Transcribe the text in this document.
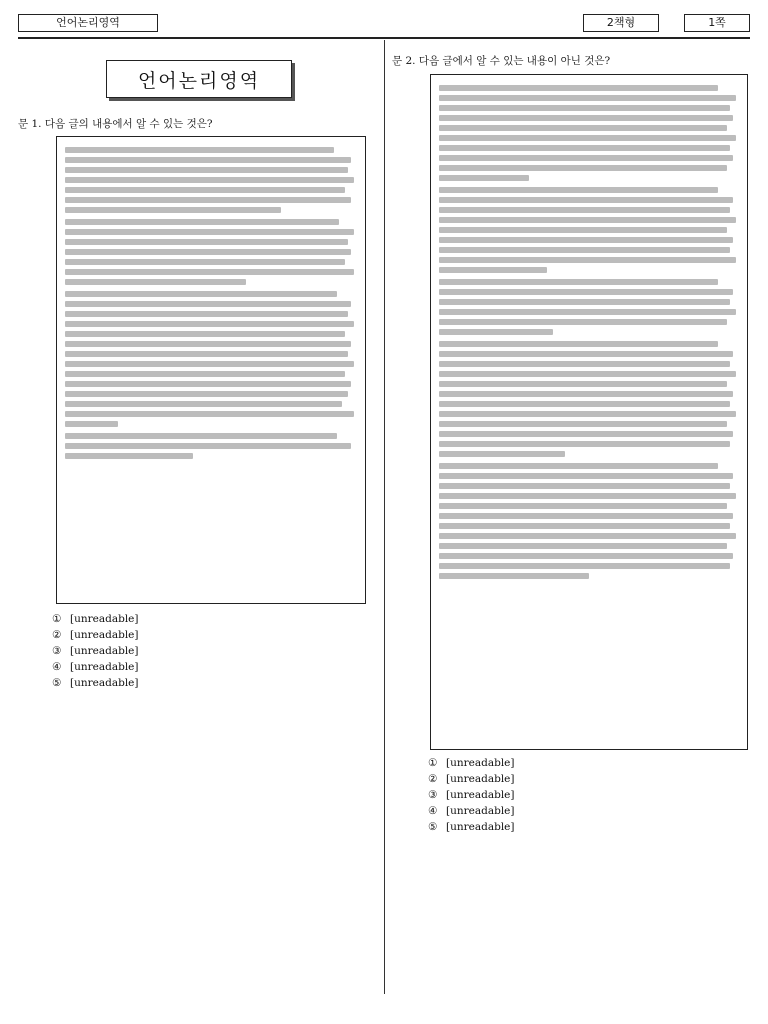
언어논리영역	2책형	1쪽
언어논리영역
문 1. 다음 글의 내용에서 알 수 있는 것은?
① [unreadable]
② [unreadable]
③ [unreadable]
④ [unreadable]
⑤ [unreadable]
문 2. 다음 글에서 알 수 있는 내용이 아닌 것은?
① [unreadable]
② [unreadable]
③ [unreadable]
④ [unreadable]
⑤ [unreadable]
